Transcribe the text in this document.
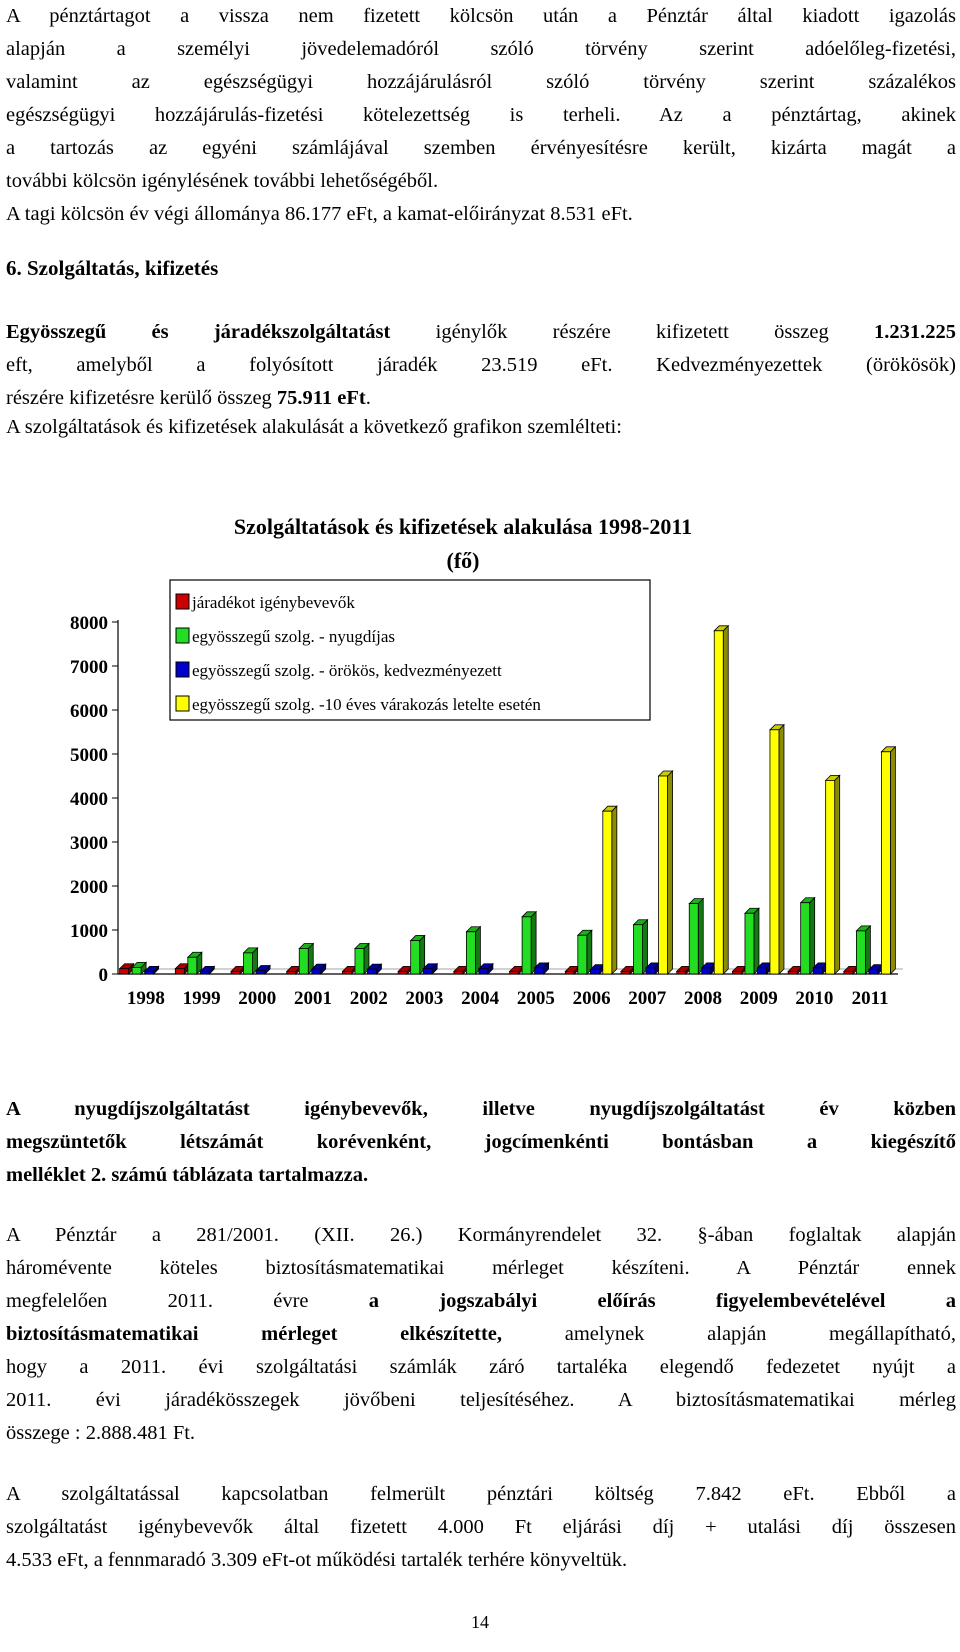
A pénztártagot a vissza nem fizetett kölcsön után a Pénztár által kiadott igazolás

alapján a személyi jövedelemadóról szóló törvény szerint adóelőleg-fizetési,

valamint az egészségügyi hozzájárulásról szóló törvény szerint százalékos

egészségügyi hozzájárulás-fizetési kötelezettség is terheli. Az a pénztártag, akinek

a tartozás az egyéni számlájával szemben érvényesítésre került, kizárta magát a

további kölcsön igénylésének további lehetőségéből.

A tagi kölcsön év végi állománya 86.177 eFt, a kamat-előirányzat 8.531 eFt.

6. Szolgáltatás, kifizetés

Egyösszegű és járadékszolgáltatást igénylők részére kifizetett összeg 1.231.225

eft, amelyből a folyósított járadék 23.519 eFt. Kedvezményezettek (örökösök)

részére kifizetésre kerülő összeg 75.911 eFt.

A szolgáltatások és kifizetések alakulását a következő grafikon szemlélteti:

Szolgáltatások és kifizetések alakulása 1998-2011
(fő)
0
1000
2000
3000
4000
5000
6000
7000
8000
1998 1999 2000 2001 2002 2003 2004 2005 2006 2007 2008 2009 2010 2011
járadékot igénybevevők
egyösszegű szolg. - nyugdíjas
egyösszegű szolg. - örökös, kedvezményezett
egyösszegű szolg. -10 éves várakozás letelte esetén

A nyugdíjszolgáltatást igénybevevők, illetve nyugdíjszolgáltatást év közben

megszüntetők létszámát korévenként, jogcímenkénti bontásban a kiegészítő

melléklet 2. számú táblázata tartalmazza.

A Pénztár a 281/2001. (XII. 26.) Kormányrendelet 32. §-ában foglaltak alapján

háromévente köteles biztosításmatematikai mérleget készíteni. A Pénztár ennek

megfelelően 2011. évre a jogszabályi előírás figyelembevételével a

biztosításmatematikai mérleget elkészítette, amelynek alapján megállapítható,

hogy a 2011. évi szolgáltatási számlák záró tartaléka elegendő fedezetet nyújt a

2011. évi járadékösszegek jövőbeni teljesítéséhez. A biztosításmatematikai mérleg

összege : 2.888.481 Ft.

A szolgáltatással kapcsolatban felmerült pénztári költség 7.842 eFt. Ebből a

szolgáltatást igénybevevők által fizetett 4.000 Ft eljárási díj + utalási díj összesen

4.533 eFt, a fennmaradó 3.309 eFt-ot működési tartalék terhére könyveltük.

14
